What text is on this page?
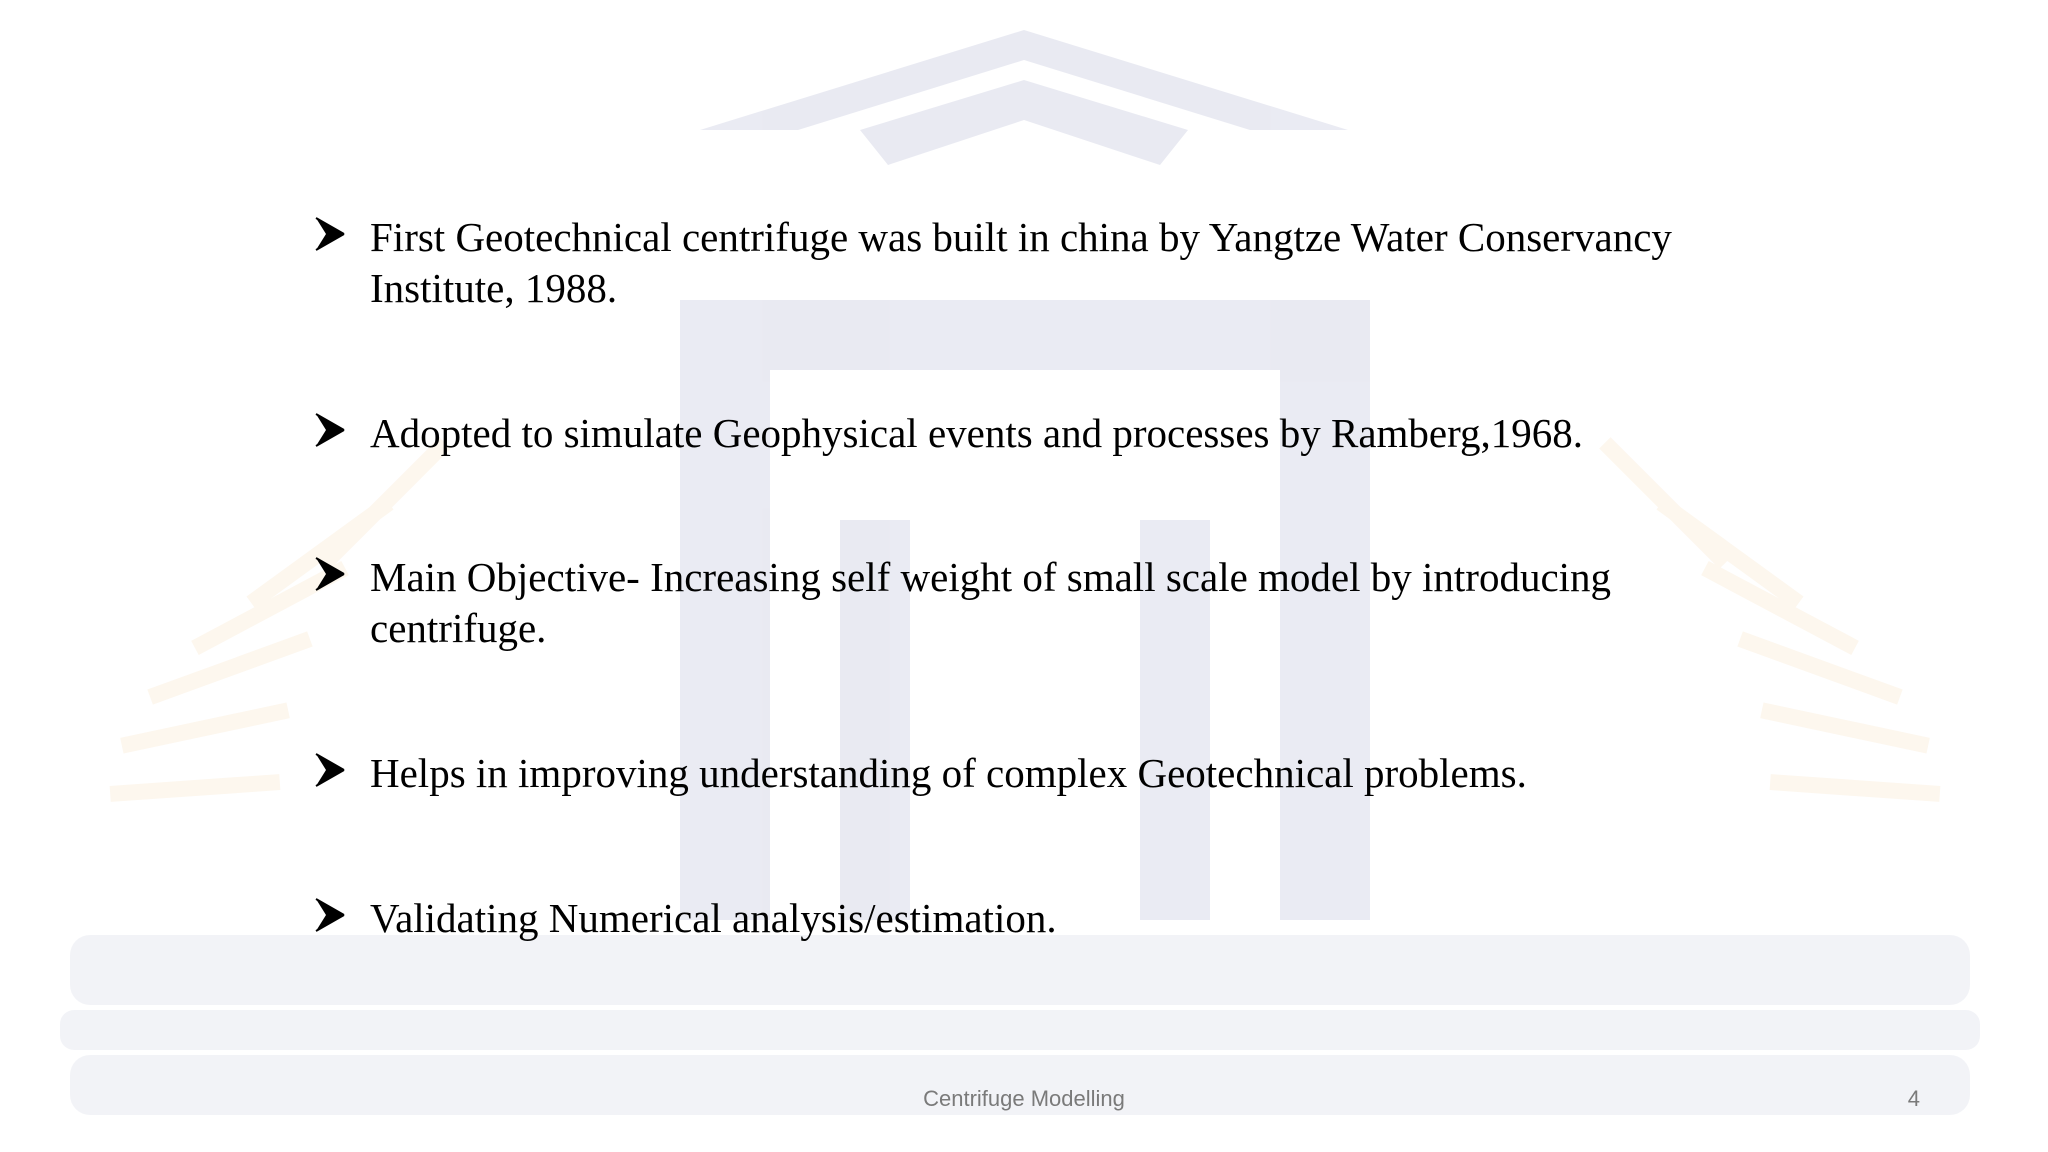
First Geotechnical centrifuge was built in china by Yangtze Water Conservancy Institute, 1988.
Adopted to simulate Geophysical events and processes by Ramberg,1968.
Main Objective- Increasing self weight of small scale model by introducing centrifuge.
Helps in improving understanding of complex Geotechnical problems.
Validating Numerical analysis/estimation.
Centrifuge Modelling	4
